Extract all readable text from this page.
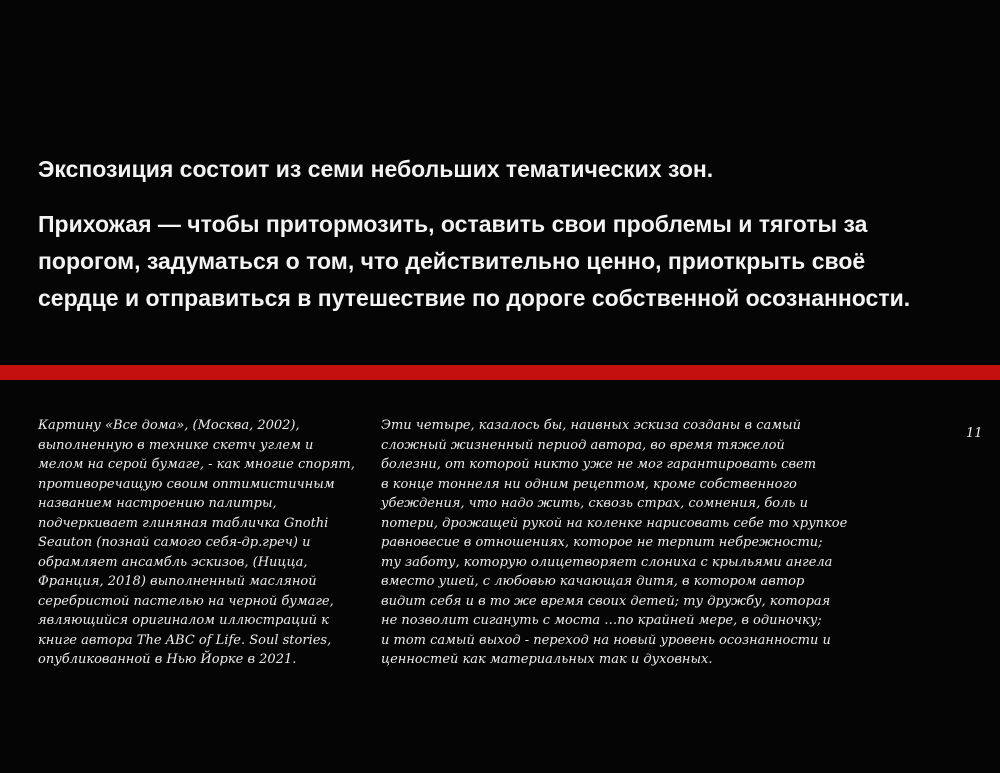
Экспозиция состоит из семи небольших тематических зон.

Прихожая — чтобы притормозить, оставить свои проблемы и тяготы за порогом, задуматься о том, что действительно ценно, приоткрыть своё сердце и отправиться в путешествие по дороге собственной осознанности.

Картину «Все дома», (Москва, 2002),
выполненную в технике скетч углем и
мелом на серой бумаге, - как многие спорят,
противоречащую своим оптимистичным
названием настроению палитры,
подчеркивает глиняная табличка Gnothi
Seauton (познай самого себя-др.греч) и
обрамляет ансамбль эскизов, (Ницца,
Франция, 2018) выполненный масляной
серебристой пастелью на черной бумаге,
являющийся оригиналом иллюстраций к
книге автора The ABC of Life. Soul stories,
опубликованной в Нью Йорке в 2021.
Эти четыре, казалось бы, наивных эскиза созданы в самый
сложный жизненный период автора, во время тяжелой
болезни, от которой никто уже не мог гарантировать свет
в конце тоннеля ни одним рецептом, кроме собственного
убеждения, что надо жить, сквозь страх, сомнения, боль и
потери, дрожащей рукой на коленке нарисовать себе то хрупкое
равновесие в отношениях, которое не терпит небрежности;
ту заботу, которую олицетворяет слониха с крыльями ангела
вместо ушей, с любовью качающая дитя, в котором автор
видит себя и в то же время своих детей; ту дружбу, которая
не позволит сигануть с моста …по крайней мере, в одиночку;
и тот самый выход - переход на новый уровень осознанности и
ценностей как материальных так и духовных.
11
